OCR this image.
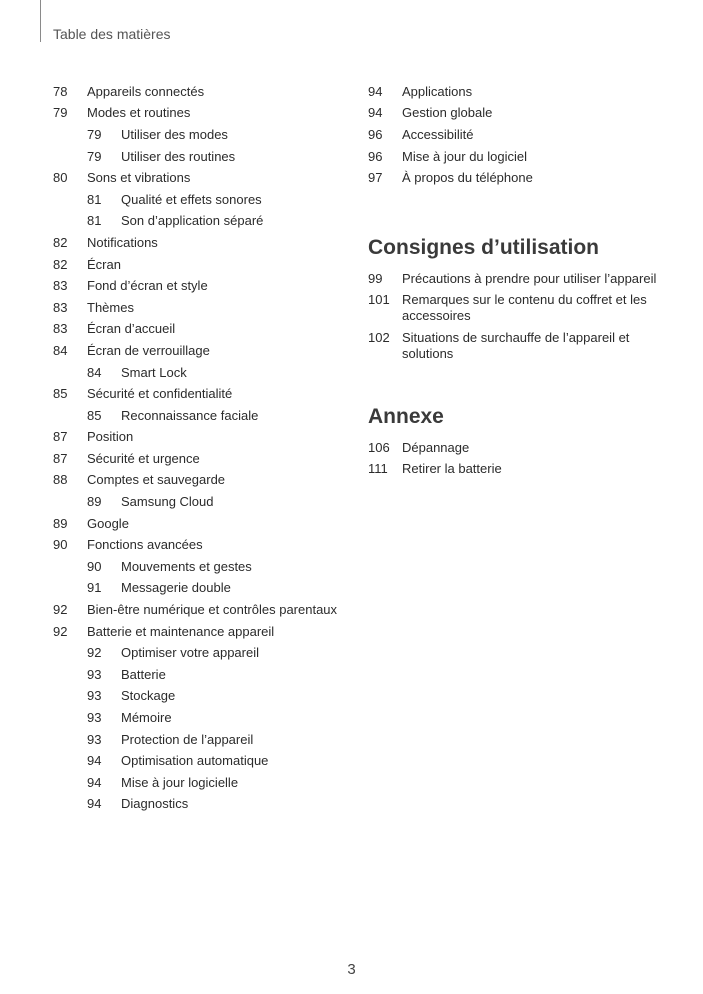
Table des matières
78	Appareils connectés
79	Modes et routines
79	Utiliser des modes
79	Utiliser des routines
80	Sons et vibrations
81	Qualité et effets sonores
81	Son d’application séparé
82	Notifications
82	Écran
83	Fond d’écran et style
83	Thèmes
83	Écran d’accueil
84	Écran de verrouillage
84	Smart Lock
85	Sécurité et confidentialité
85	Reconnaissance faciale
87	Position
87	Sécurité et urgence
88	Comptes et sauvegarde
89	Samsung Cloud
89	Google
90	Fonctions avancées
90	Mouvements et gestes
91	Messagerie double
92	Bien-être numérique et contrôles parentaux
92	Batterie et maintenance appareil
92	Optimiser votre appareil
93	Batterie
93	Stockage
93	Mémoire
93	Protection de l’appareil
94	Optimisation automatique
94	Mise à jour logicielle
94	Diagnostics
94	Applications
94	Gestion globale
96	Accessibilité
96	Mise à jour du logiciel
97	À propos du téléphone
Consignes d’utilisation
99	Précautions à prendre pour utiliser l’appareil
101 Remarques sur le contenu du coffret et les accessoires
102 Situations de surchauffe de l’appareil et solutions
Annexe
106 Dépannage
111	Retirer la batterie
3
